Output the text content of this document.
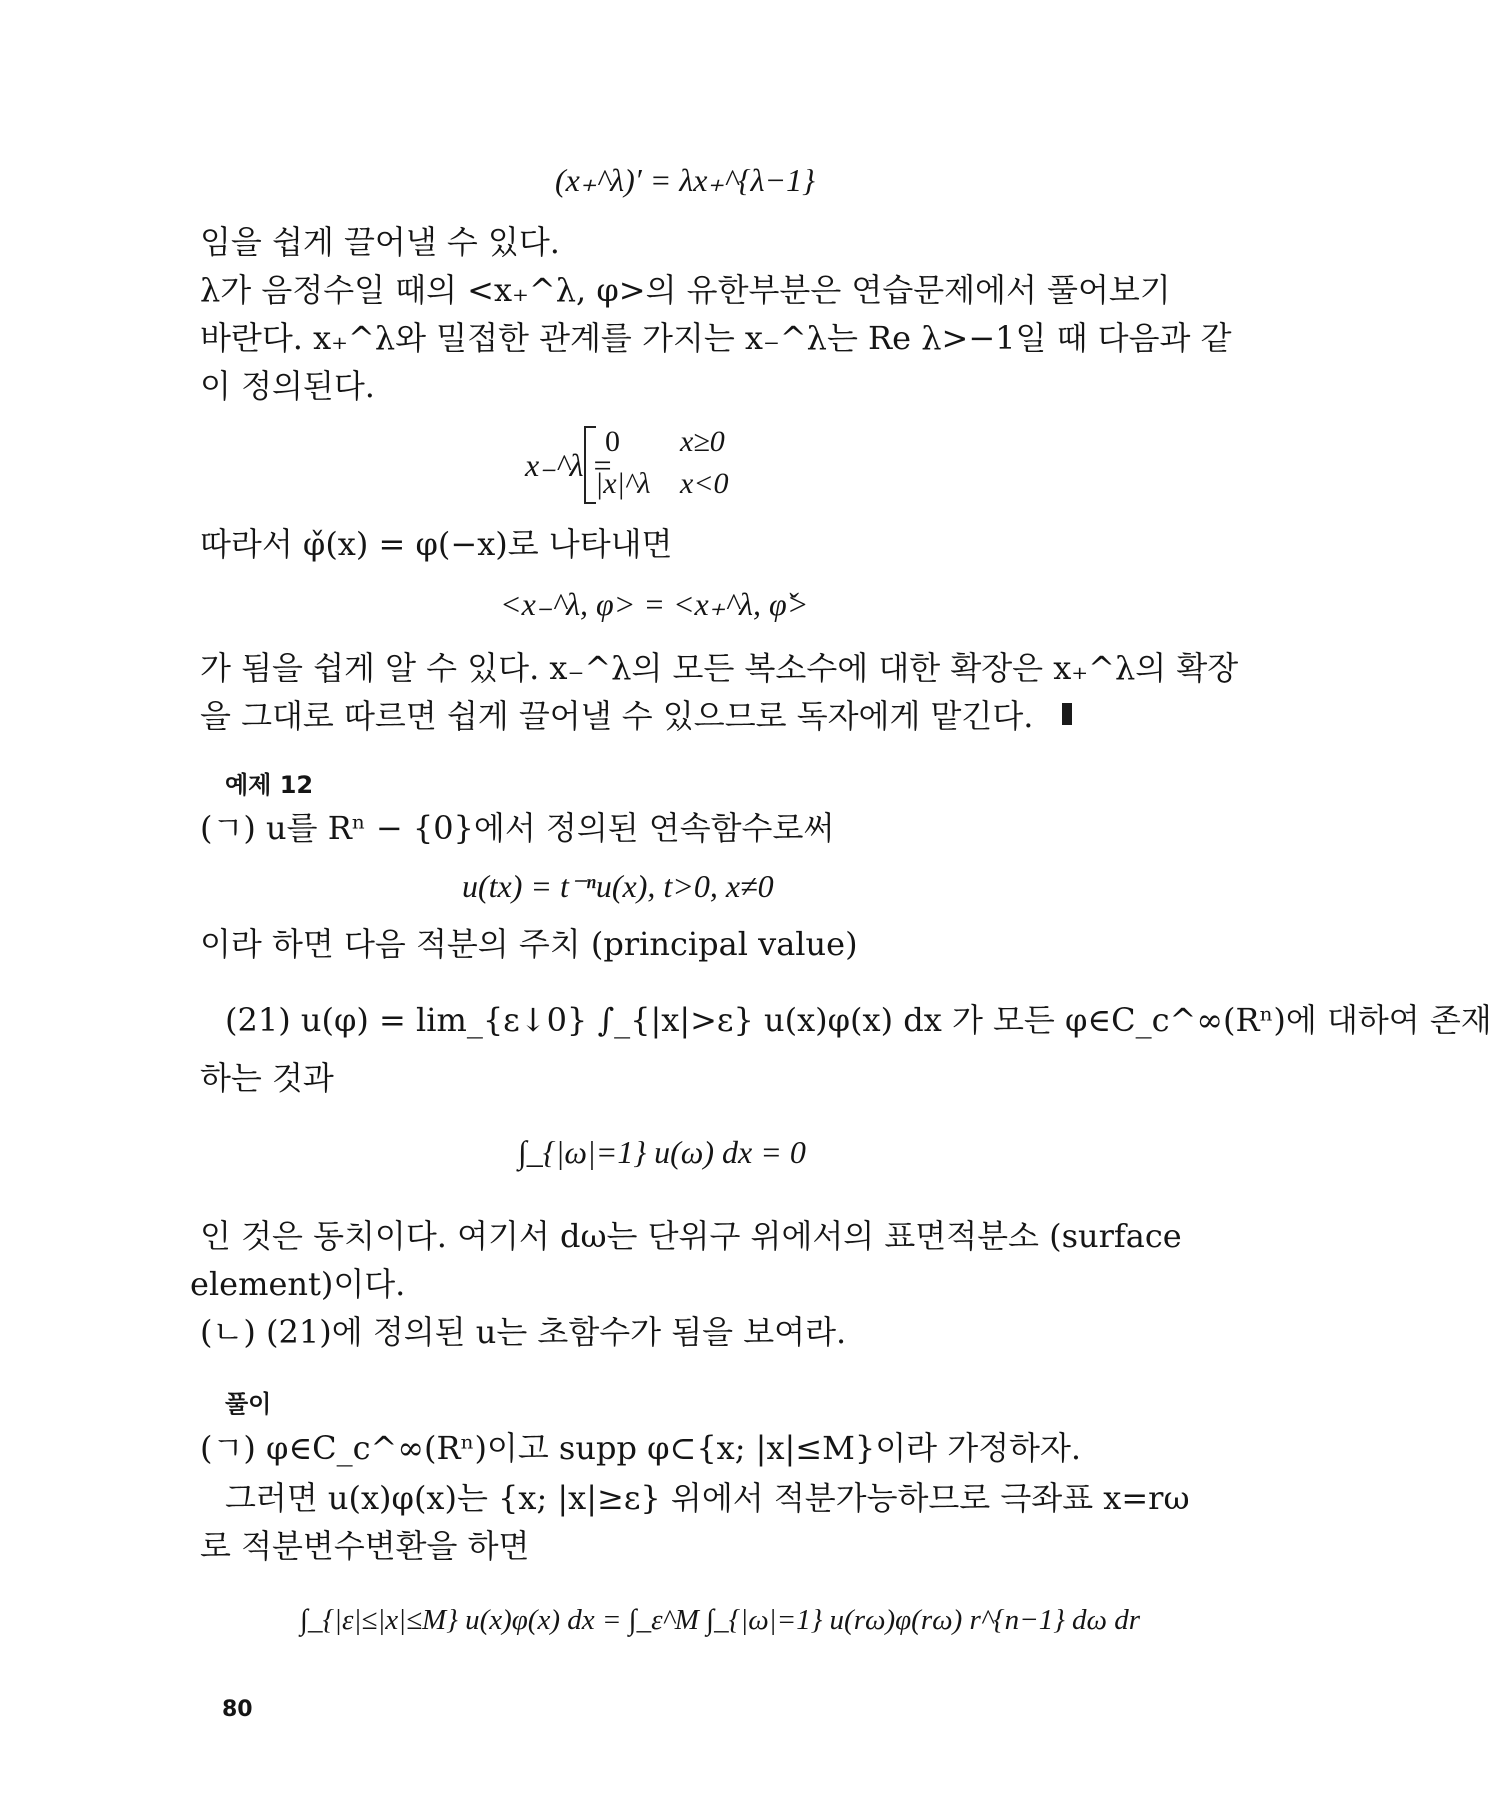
(x₊^λ)′ = λx₊^{λ−1}
임을 쉽게 끌어낼 수 있다.
λ가 음정수일 때의 <x₊^λ, φ>의 유한부분은 연습문제에서 풀어보기
바란다. x₊^λ와 밀접한 관계를 가지는 x₋^λ는 Re λ>−1일 때 다음과 같
이 정의된다.
x₋^λ =
0 x≥0
|x|^λ x<0
따라서 φ̌(x) = φ(−x)로 나타내면
<x₋^λ, φ> = <x₊^λ, φ̌>
가 됨을 쉽게 알 수 있다. x₋^λ의 모든 복소수에 대한 확장은 x₊^λ의 확장
을 그대로 따르면 쉽게 끌어낼 수 있으므로 독자에게 맡긴다.
예제 12
(ㄱ) u를 Rⁿ − {0}에서 정의된 연속함수로써
u(tx) = t⁻ⁿu(x), t>0, x≠0
이라 하면 다음 적분의 주치 (principal value)
(21) u(φ) = lim_{ε↓0} ∫_{|x|>ε} u(x)φ(x) dx 가 모든 φ∈C_c^∞(Rⁿ)에 대하여 존재
하는 것과
∫_{|ω|=1} u(ω) dx = 0
인 것은 동치이다. 여기서 dω는 단위구 위에서의 표면적분소 (surface
element)이다.
(ㄴ) (21)에 정의된 u는 초함수가 됨을 보여라.
풀이
(ㄱ) φ∈C_c^∞(Rⁿ)이고 supp φ⊂{x; |x|≤M}이라 가정하자.
그러면 u(x)φ(x)는 {x; |x|≥ε} 위에서 적분가능하므로 극좌표 x=rω
로 적분변수변환을 하면
∫_{|ε|≤|x|≤M} u(x)φ(x) dx = ∫_ε^M ∫_{|ω|=1} u(rω)φ(rω) r^{n−1} dω dr
80
